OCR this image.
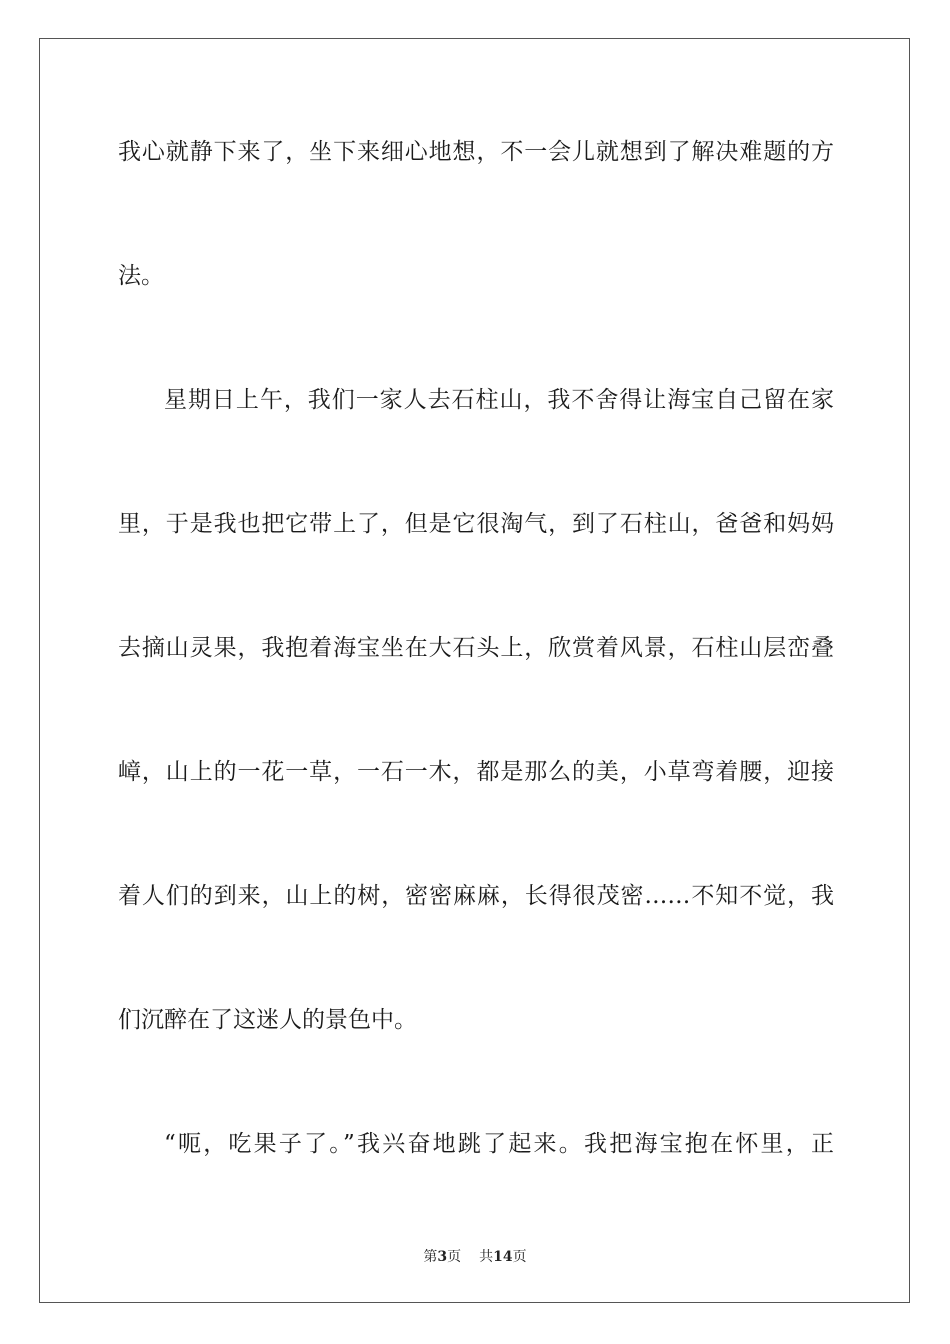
我心就静下来了，坐下来细心地想，不一会儿就想到了解决难题的方
法。
星期日上午，我们一家人去石柱山，我不舍得让海宝自己留在家
里，于是我也把它带上了，但是它很淘气，到了石柱山，爸爸和妈妈
去摘山灵果，我抱着海宝坐在大石头上，欣赏着风景，石柱山层峦叠
嶂，山上的一花一草，一石一木，都是那么的美，小草弯着腰，迎接
着人们的到来，山上的树，密密麻麻，长得很茂密……不知不觉，我
们沉醉在了这迷人的景色中。
“呃，吃果子了。”我兴奋地跳了起来。我把海宝抱在怀里，正
第3页 共14页
